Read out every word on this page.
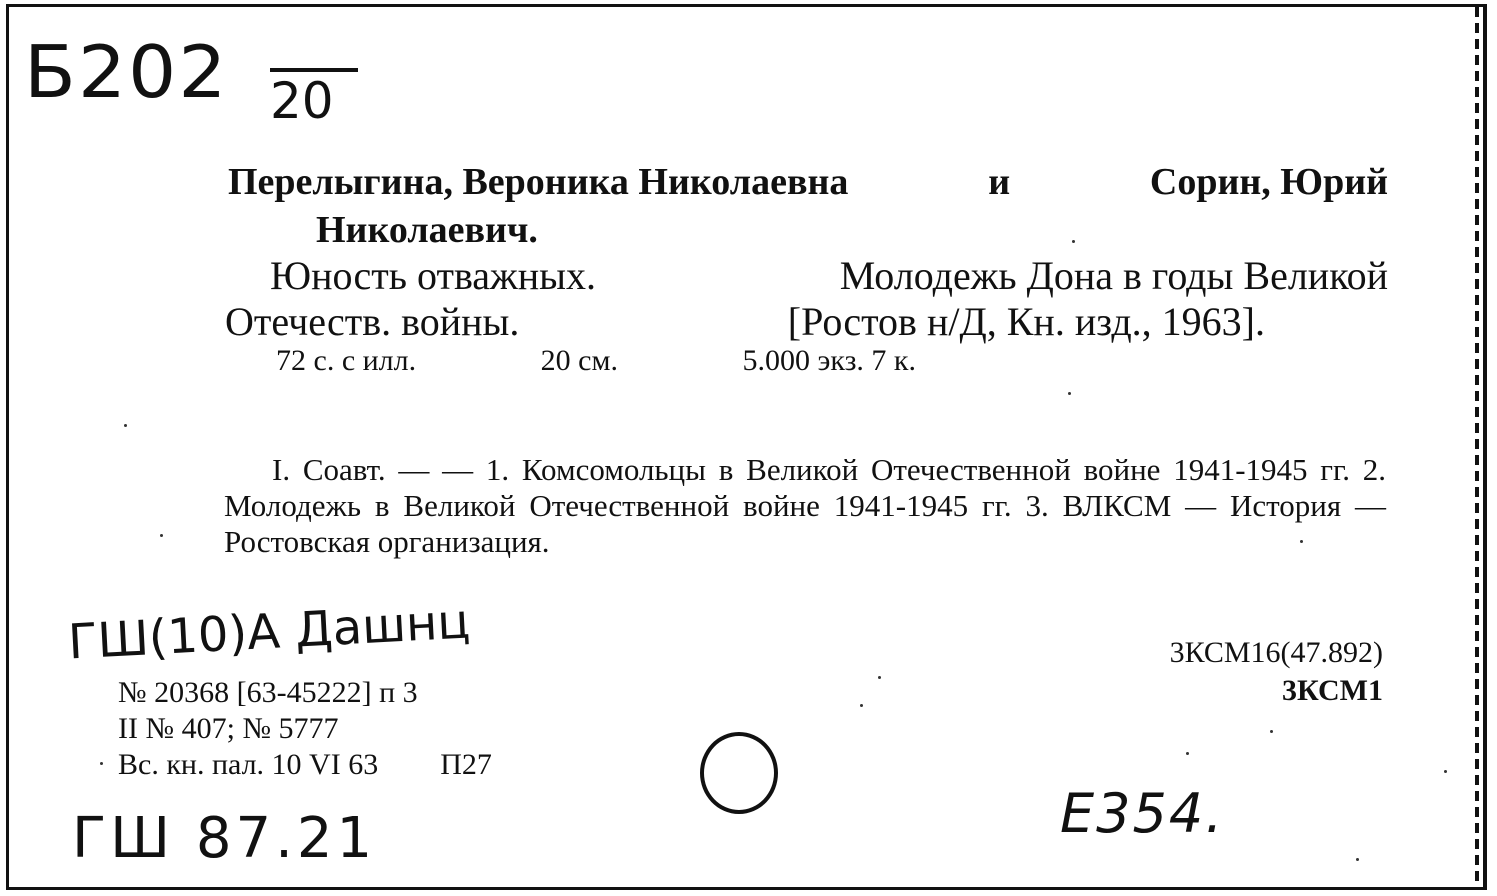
Б202 20
Перелыгина, Вероника Николаевна	и	Сорин, Юрий
Николаевич.
Юность отважных.	Молодежь Дона в годы Великой
Отечеств. войны.	[Ростов н/Д, Кн. изд., 1963].
72 с. с илл.	20 см.	5.000 экз. 7 к.
I. Соавт. — — 1. Комсомольцы в Великой Отечественной войне 1941-1945 гг. 2. Молодежь в Великой Отечественной войне 1941-1945 гг. 3. ВЛКСМ — История — Ростовская организация.
ГШ(10)А Дашнц
№ 20368 [63-45222] п 3
II № 407; № 5777
Вс. кн. пал. 10 VI 63 П27
3КСМ16(47.892)
3КСМ1
ГШ 87.21	Е354.
